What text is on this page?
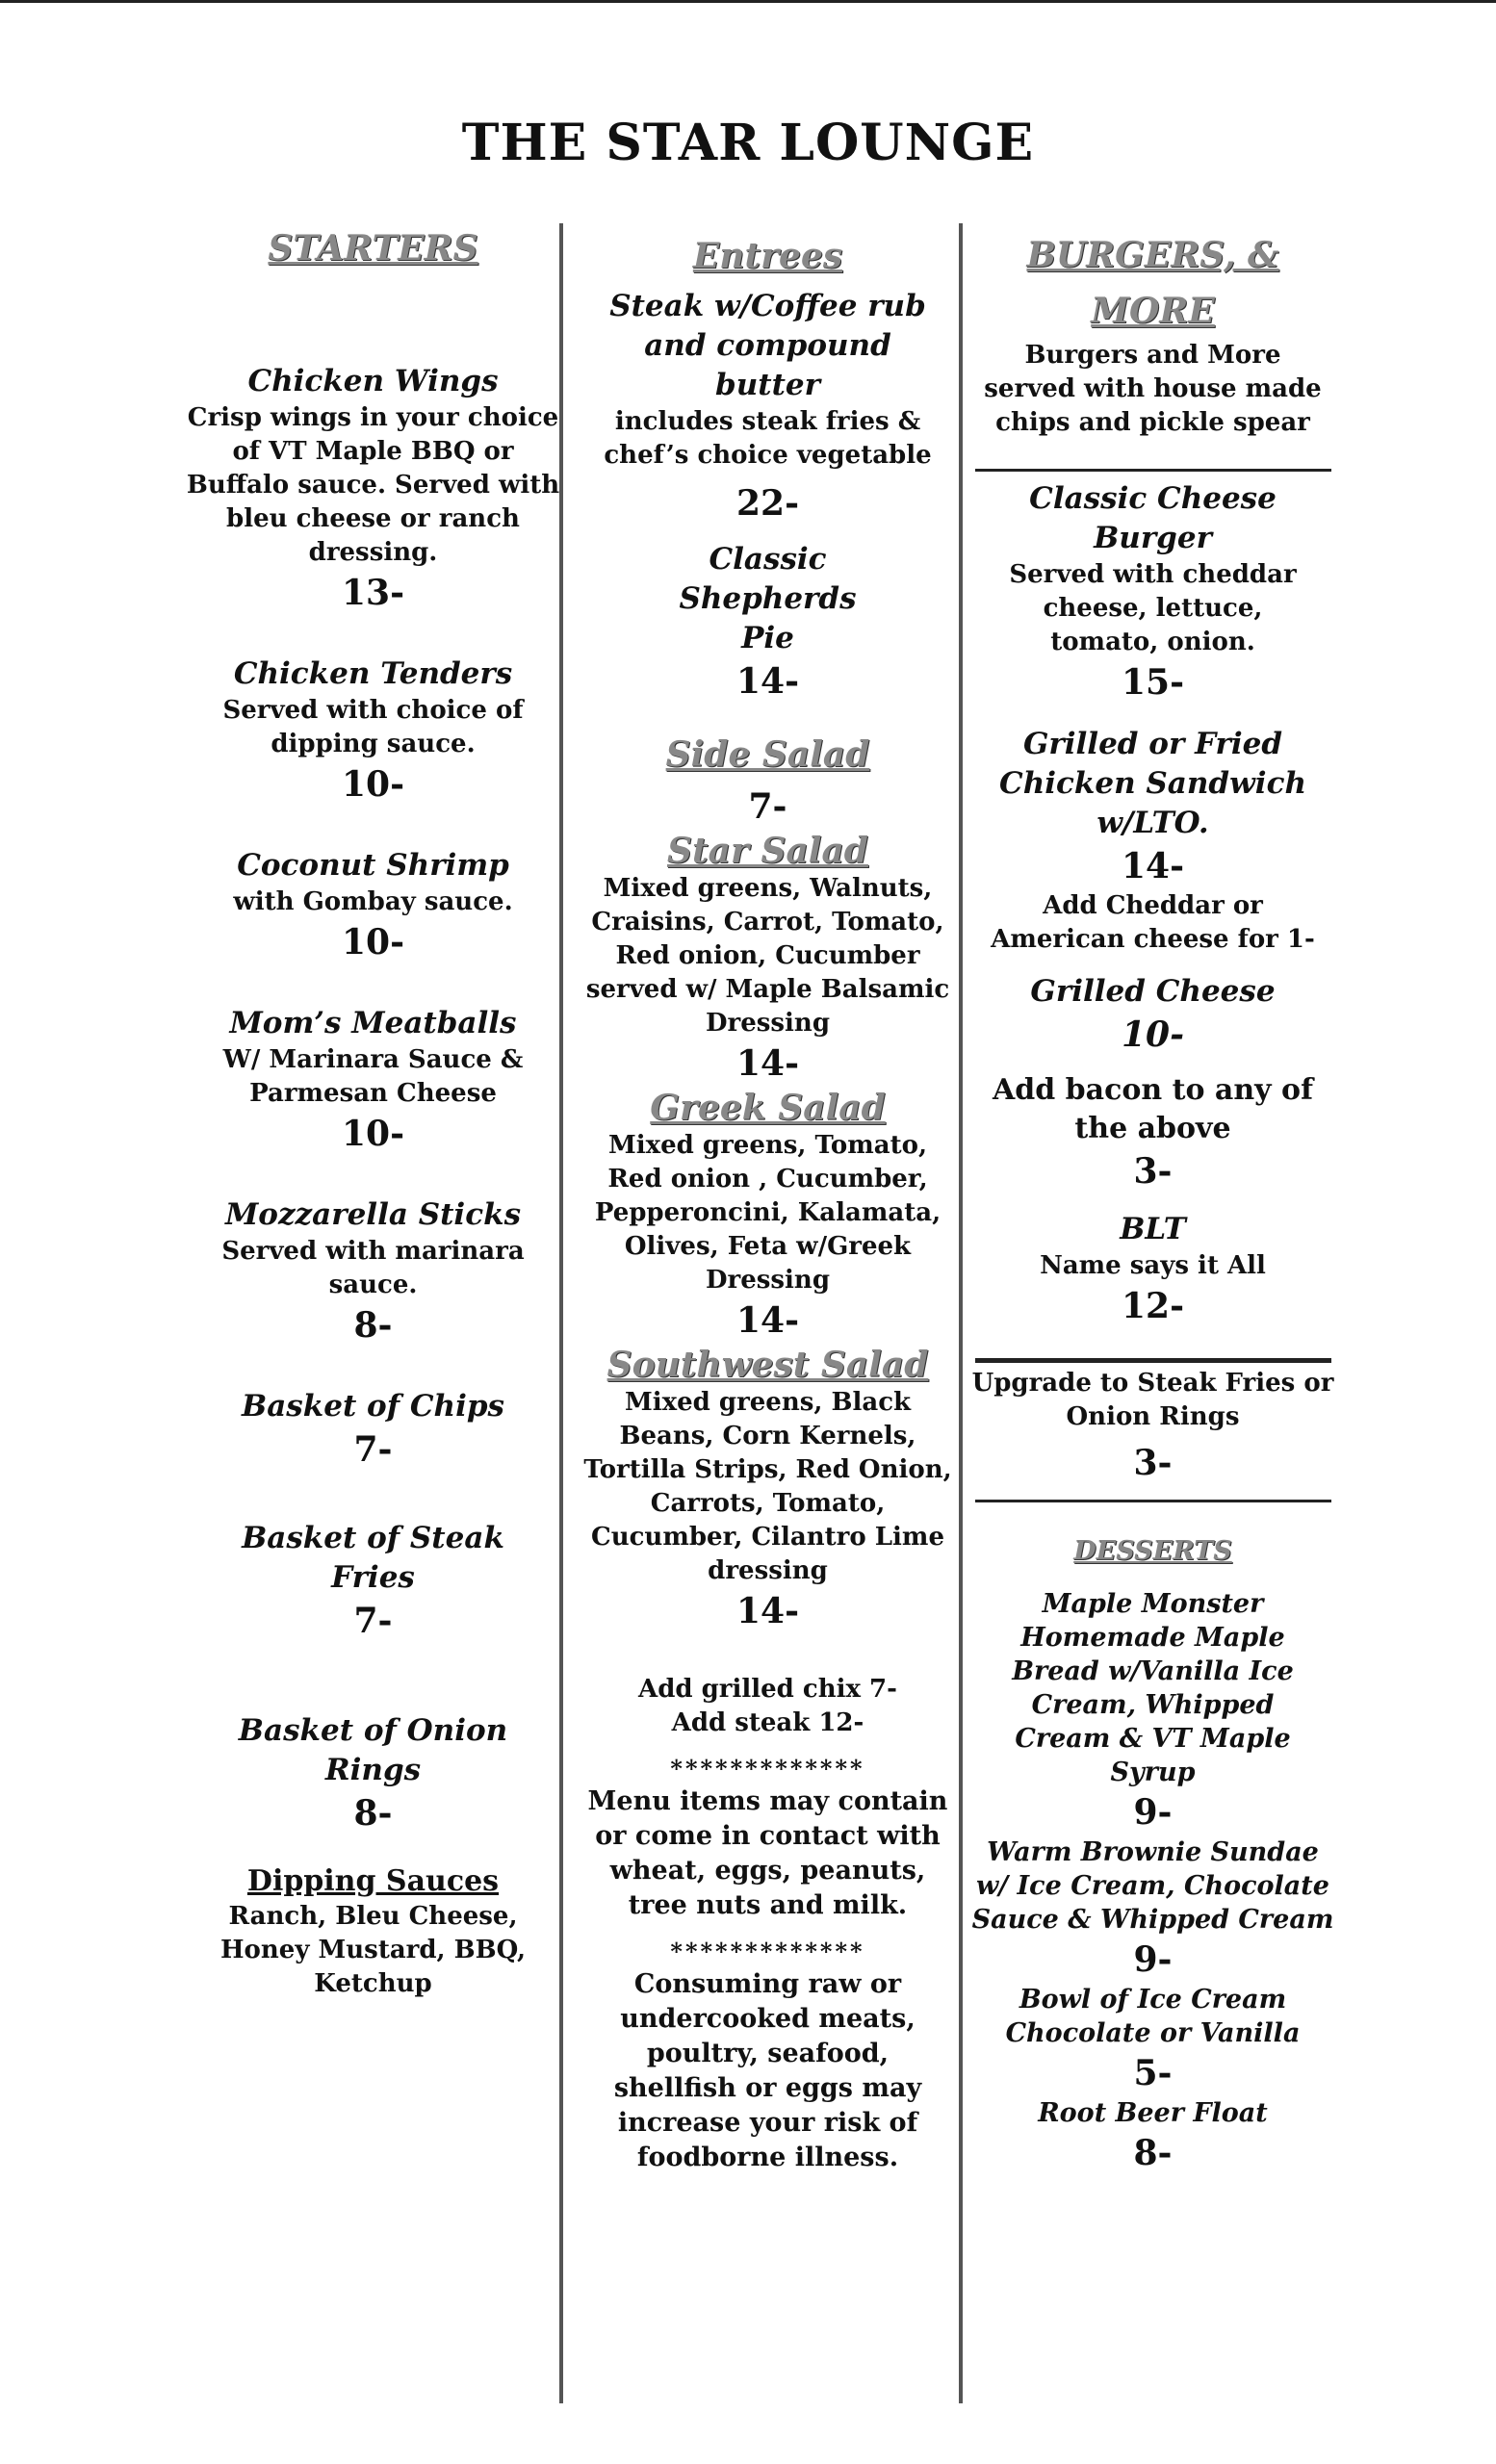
THE STAR LOUNGE
STARTERS
Chicken Wings
Crisp wings in your choice of VT Maple BBQ or Buffalo sauce. Served with bleu cheese or ranch dressing.
13-
Chicken Tenders
Served with choice of dipping sauce.
10-
Coconut Shrimp
with Gombay sauce.
10-
Mom’s Meatballs
W/ Marinara Sauce & Parmesan Cheese
10-
Mozzarella Sticks
Served with marinara sauce.
8-
Basket of Chips
7-
Basket of Steak Fries
7-
Basket of Onion Rings
8-
Dipping Sauces
Ranch, Bleu Cheese, Honey Mustard, BBQ, Ketchup
Entrees
Steak w/Coffee rub and compound butter
includes steak fries & chef’s choice vegetable
22-
Classic Shepherds Pie
14-
Side Salad
7-
Star Salad
Mixed greens, Walnuts, Craisins, Carrot, Tomato, Red onion, Cucumber served w/ Maple Balsamic Dressing
14-
Greek Salad
Mixed greens, Tomato, Red onion , Cucumber, Pepperoncini, Kalamata, Olives, Feta w/Greek Dressing
14-
Southwest Salad
Mixed greens, Black Beans, Corn Kernels, Tortilla Strips, Red Onion, Carrots, Tomato, Cucumber, Cilantro Lime dressing
14-
Add grilled chix 7-
Add steak 12-
*************
Menu items may contain or come in contact with wheat, eggs, peanuts, tree nuts and milk.
*************
Consuming raw or undercooked meats, poultry, seafood, shellfish or eggs may increase your risk of foodborne illness.
BURGERS, & MORE
Burgers and More served with house made chips and pickle spear
Classic Cheese Burger
Served with cheddar cheese, lettuce, tomato, onion.
15-
Grilled or Fried Chicken Sandwich w/LTO.
14-
Add Cheddar or American cheese for 1-
Grilled Cheese
10-
Add bacon to any of the above
3-
BLT
Name says it All
12-
Upgrade to Steak Fries or Onion Rings
3-
DESSERTS
Maple Monster Homemade Maple Bread w/Vanilla Ice Cream, Whipped Cream & VT Maple Syrup
9-
Warm Brownie Sundae w/ Ice Cream, Chocolate Sauce & Whipped Cream
9-
Bowl of Ice Cream Chocolate or Vanilla
5-
Root Beer Float
8-
